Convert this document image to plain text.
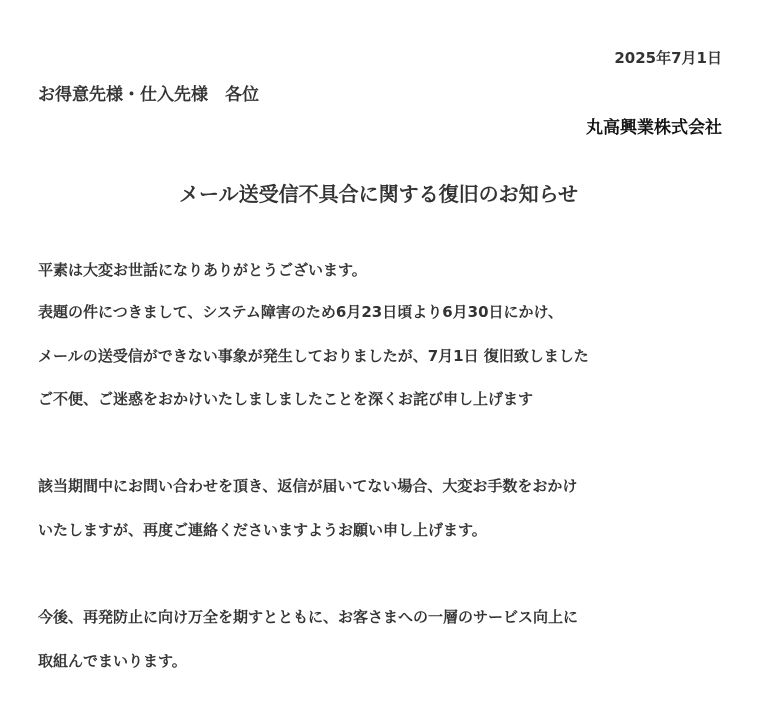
2025年7月1日
お得意先様・仕入先様　各位
丸高興業株式会社
メール送受信不具合に関する復旧のお知らせ
平素は大変お世話になりありがとうございます。
表題の件につきまして、システム障害のため6月23日頃より6月30日にかけ、
メールの送受信ができない事象が発生しておりましたが、7月1日 復旧致しました
ご不便、ご迷惑をおかけいたしましましたことを深くお詫び申し上げます
該当期間中にお問い合わせを頂き、返信が届いてない場合、大変お手数をおかけ
いたしますが、再度ご連絡くださいますようお願い申し上げます。
今後、再発防止に向け万全を期すとともに、お客さまへの一層のサービス向上に
取組んでまいります。
